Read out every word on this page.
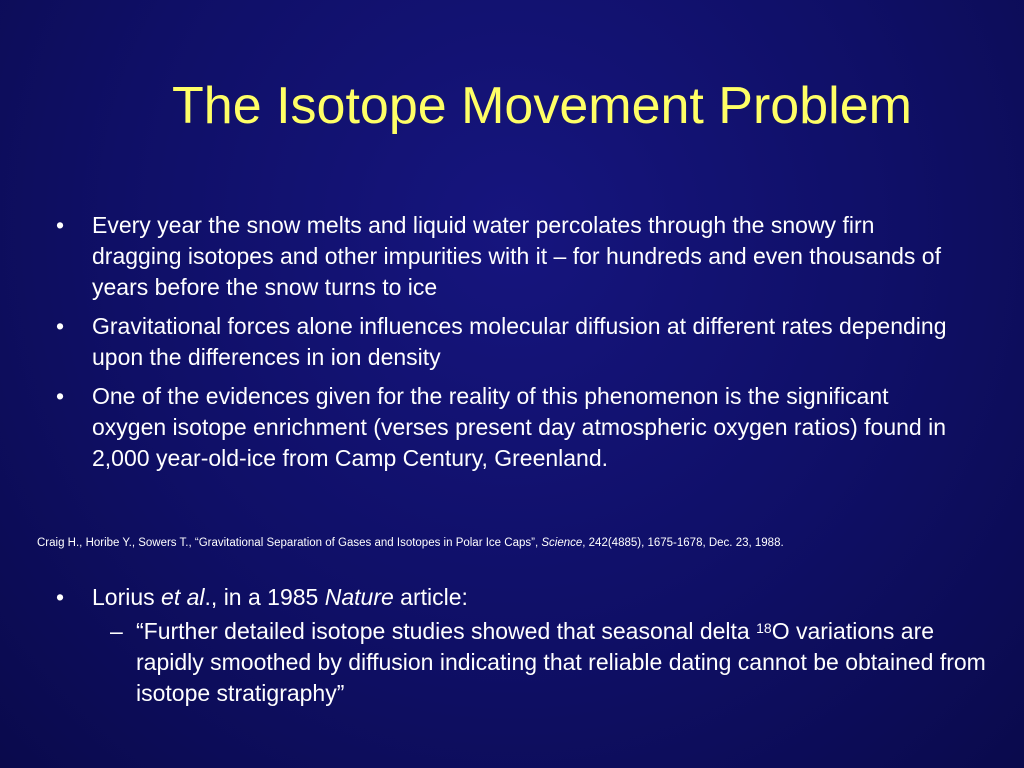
The Isotope Movement Problem
• Every year the snow melts and liquid water percolates through the snowy firn dragging isotopes and other impurities with it – for hundreds and even thousands of years before the snow turns to ice
• Gravitational forces alone influences molecular diffusion at different rates depending upon the differences in ion density
• One of the evidences given for the reality of this phenomenon is the significant oxygen isotope enrichment (verses present day atmospheric oxygen ratios) found in 2,000 year-old-ice from Camp Century, Greenland.
Craig H., Horibe Y., Sowers T., “Gravitational Separation of Gases and Isotopes in Polar Ice Caps”, Science, 242(4885), 1675-1678, Dec. 23, 1988.
• Lorius et al., in a 1985 Nature article:
– “Further detailed isotope studies showed that seasonal delta $^{18}$O variations are rapidly smoothed by diffusion indicating that reliable dating cannot be obtained from isotope stratigraphy”
